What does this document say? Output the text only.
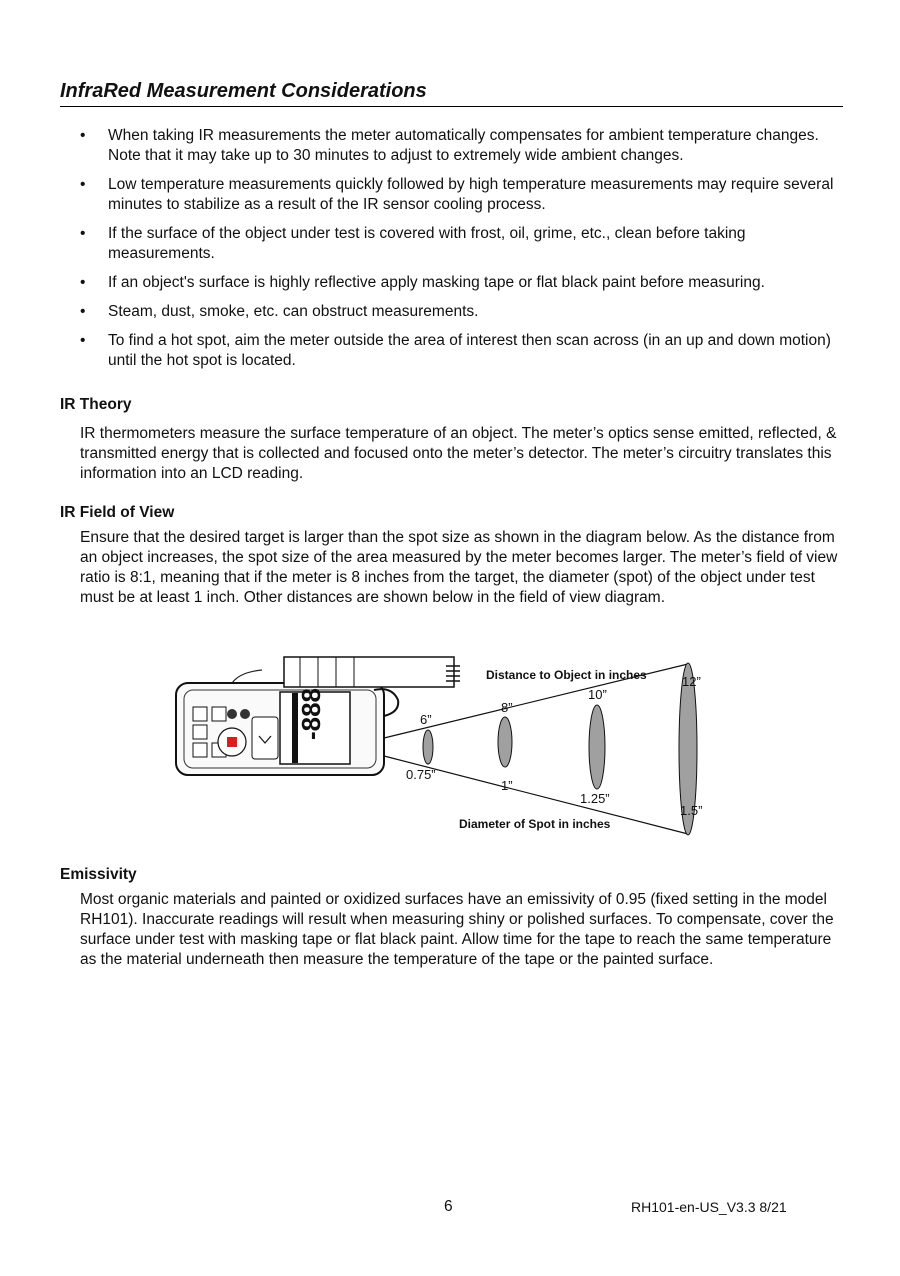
InfraRed Measurement Considerations
• When taking IR measurements the meter automatically compensates for ambient temperature changes. Note that it may take up to 30 minutes to adjust to extremely wide ambient changes.
• Low temperature measurements quickly followed by high temperature measurements may require several minutes to stabilize as a result of the IR sensor cooling process.
• If the surface of the object under test is covered with frost, oil, grime, etc., clean before taking measurements.
• If an object's surface is highly reflective apply masking tape or flat black paint before measuring.
• Steam, dust, smoke, etc. can obstruct measurements.
• To find a hot spot, aim the meter outside the area of interest then scan across (in an up and down motion) until the hot spot is located.
IR Theory

IR thermometers measure the surface temperature of an object. The meter’s optics sense emitted, reflected, & transmitted energy that is collected and focused onto the meter’s detector. The meter’s circuitry translates this information into an LCD reading.

IR Field of View

Ensure that the desired target is larger than the spot size as shown in the diagram below. As the distance from an object increases, the spot size of the area measured by the meter becomes larger. The meter’s field of view ratio is 8:1, meaning that if the meter is 8 inches from the target, the diameter (spot) of the object under test must be at least 1 inch. Other distances are shown below in the field of view diagram.

-888
Distance to Object in inches
Diameter of Spot in inches
6”
8”
10”
12”
0.75”
1”
1.25”
1.5”
Emissivity

Most organic materials and painted or oxidized surfaces have an emissivity of 0.95 (fixed setting in the model RH101). Inaccurate readings will result when measuring shiny or polished surfaces. To compensate, cover the surface under test with masking tape or flat black paint. Allow time for the tape to reach the same temperature as the material underneath then measure the temperature of the tape or the painted surface.

6	RH101-en-US_V3.3 8/21
